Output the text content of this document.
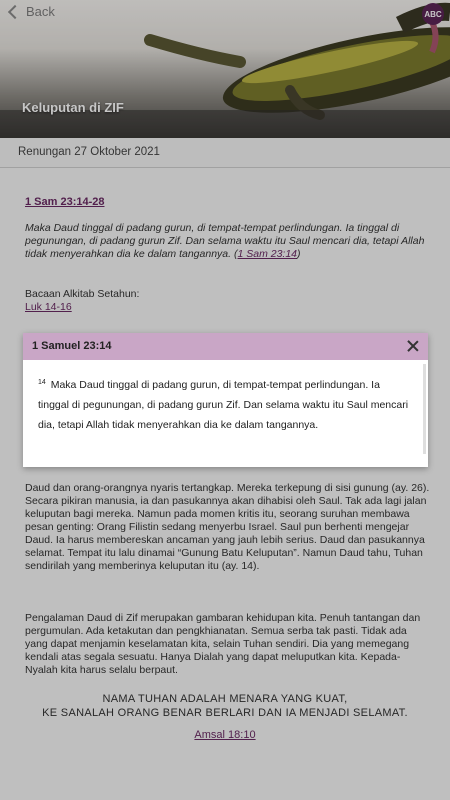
Back	ABC
Keluputan di ZIF
Renungan 27 Oktober 2021
1 Sam 23:14-28
Maka Daud tinggal di padang gurun, di tempat-tempat perlindungan. Ia tinggal di pegunungan, di padang gurun Zif. Dan selama waktu itu Saul mencari dia, tetapi Allah tidak menyerahkan dia ke dalam tangannya. (1 Sam 23:14)
Bacaan Alkitab Setahun:
Luk 14-16
Daud dan orang-orangnya nyaris tertangkap. Mereka terkepung di sisi gunung (ay. 26). Secara pikiran manusia, ia dan pasukannya akan dihabisi oleh Saul. Tak ada lagi jalan keluputan bagi mereka. Namun pada momen kritis itu, seorang suruhan membawa pesan genting: Orang Filistin sedang menyerbu Israel. Saul pun berhenti mengejar Daud. Ia harus membereskan ancaman yang jauh lebih serius. Daud dan pasukannya selamat. Tempat itu lalu dinamai “Gunung Batu Keluputan”. Namun Daud tahu, Tuhan sendirilah yang memberinya keluputan itu (ay. 14).
Pengalaman Daud di Zif merupakan gambaran kehidupan kita. Penuh tantangan dan pergumulan. Ada ketakutan dan pengkhianatan. Semua serba tak pasti. Tidak ada yang dapat menjamin keselamatan kita, selain Tuhan sendiri. Dia yang memegang kendali atas segala sesuatu. Hanya Dialah yang dapat meluputkan kita. Kepada-Nyalah kita harus selalu berpaut.
NAMA TUHAN ADALAH MENARA YANG KUAT,
KE SANALAH ORANG BENAR BERLARI DAN IA MENJADI SELAMAT.
Amsal 18:10
1 Samuel 23:14
$^{14}$ Maka Daud tinggal di padang gurun, di tempat-tempat perlindungan. Ia tinggal di pegunungan, di padang gurun Zif. Dan selama waktu itu Saul mencari dia, tetapi Allah tidak menyerahkan dia ke dalam tangannya.
